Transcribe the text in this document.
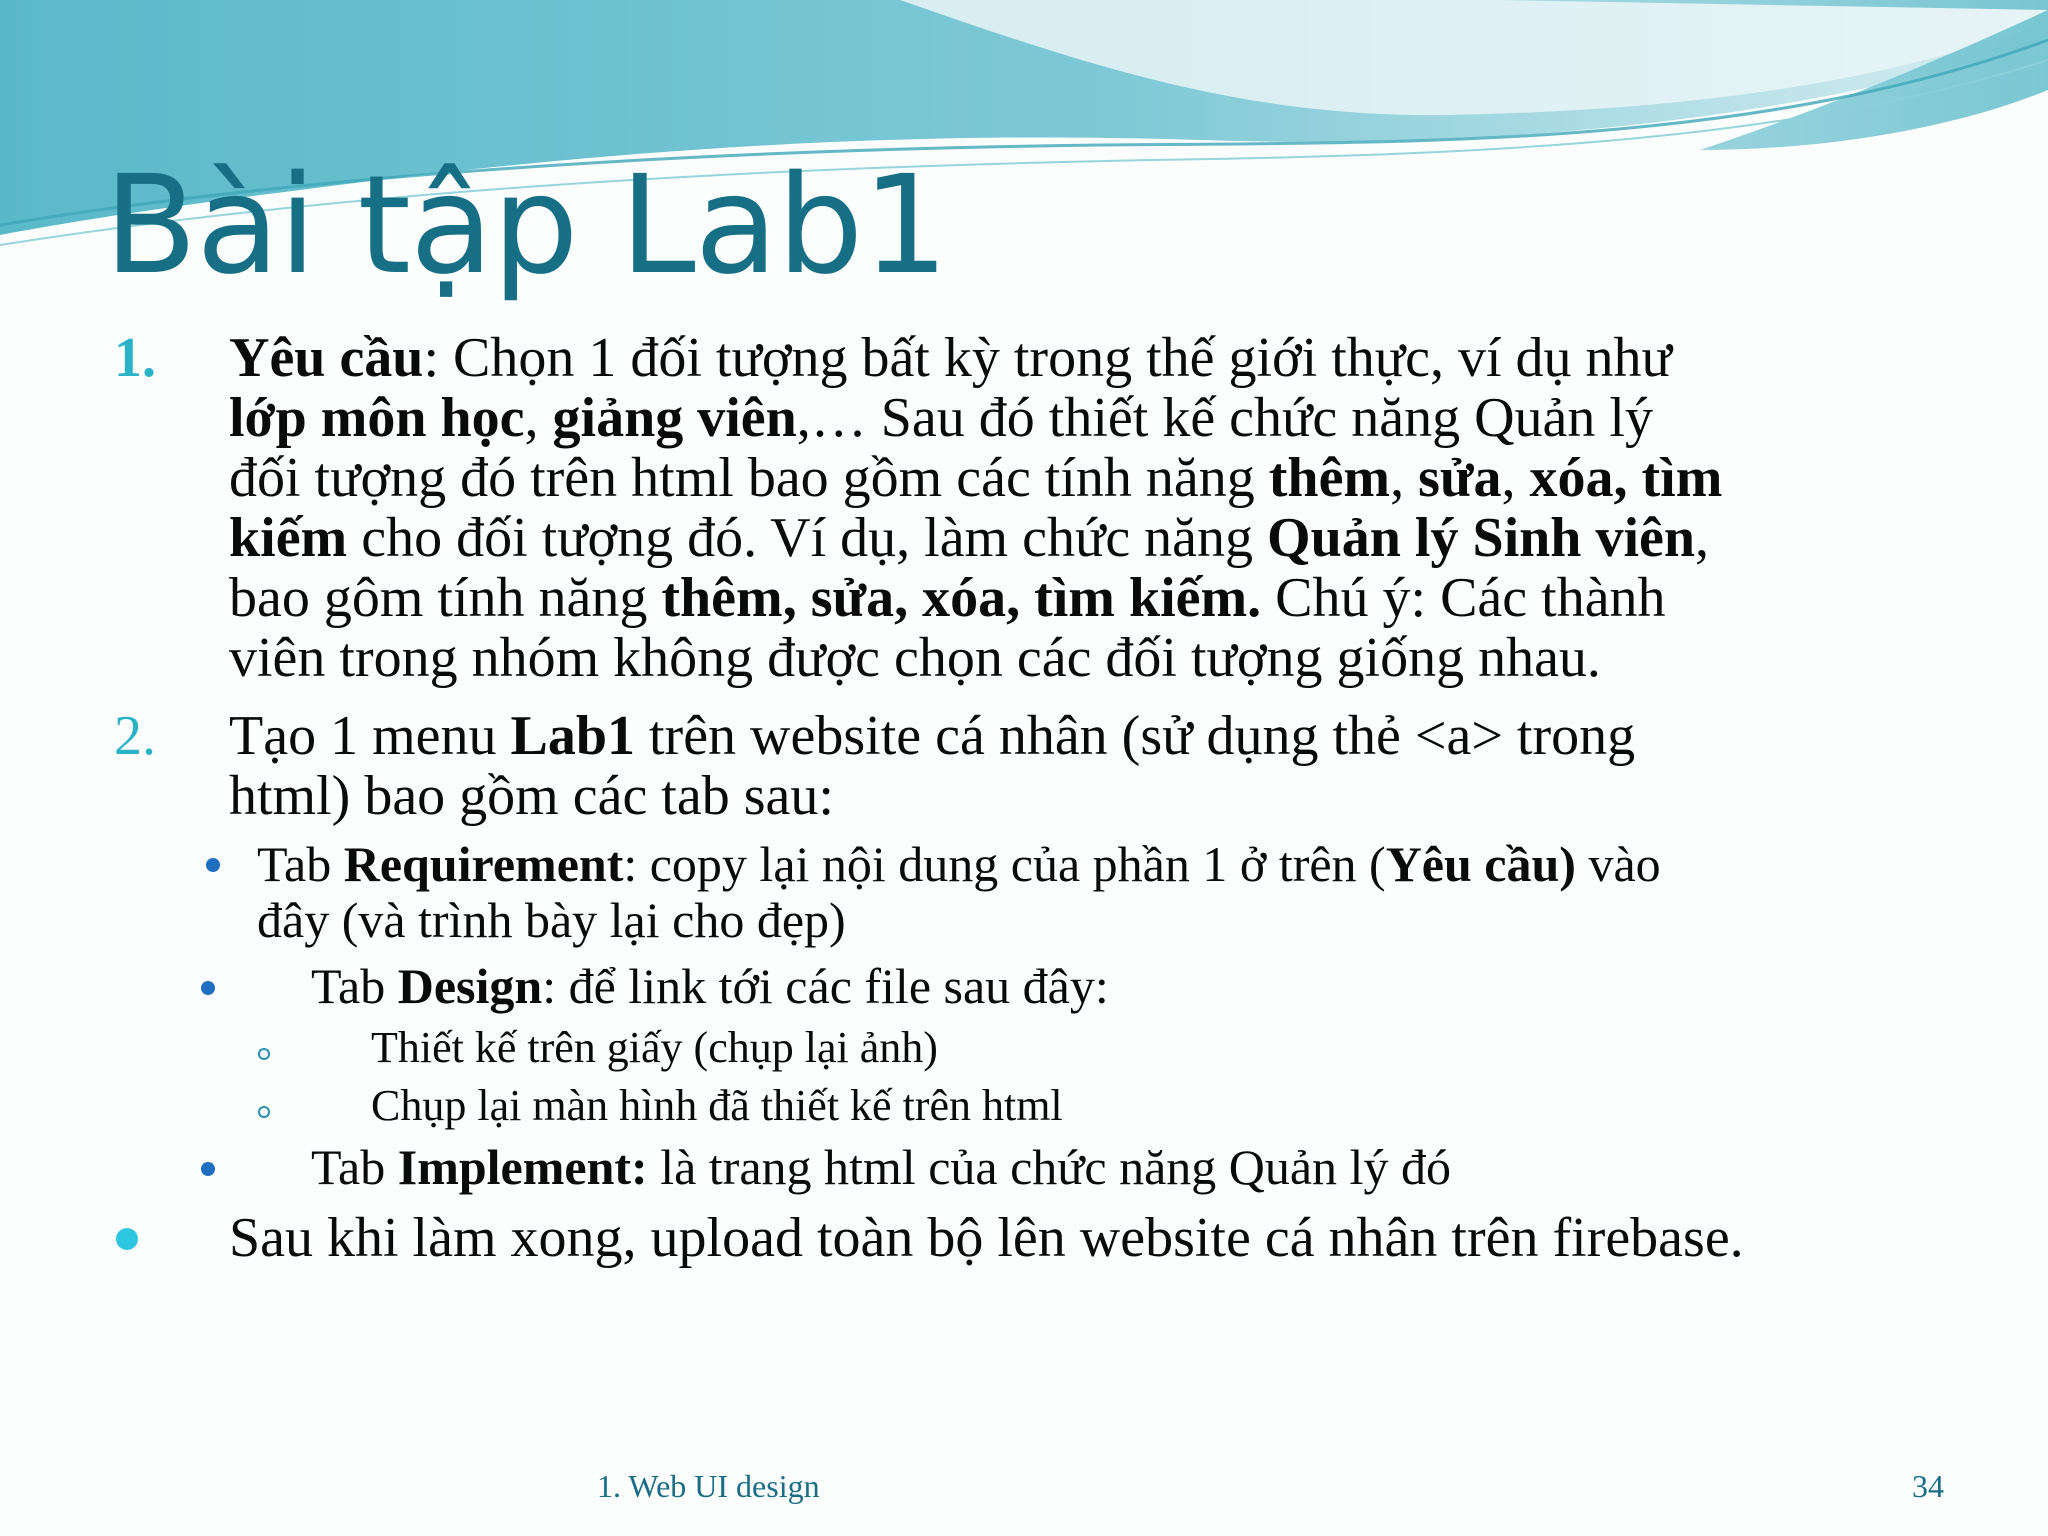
Bài tập Lab1
1. Yêu cầu: Chọn 1 đối tượng bất kỳ trong thế giới thực, ví dụ như
lớp môn học, giảng viên,… Sau đó thiết kế chức năng Quản lý
đối tượng đó trên html bao gồm các tính năng thêm, sửa, xóa, tìm
kiếm cho đối tượng đó. Ví dụ, làm chức năng Quản lý Sinh viên,
bao gôm tính năng thêm, sửa, xóa, tìm kiếm. Chú ý: Các thành
viên trong nhóm không được chọn các đối tượng giống nhau.
2. Tạo 1 menu Lab1 trên website cá nhân (sử dụng thẻ <a> trong
html) bao gồm các tab sau:
Tab Requirement: copy lại nội dung của phần 1 ở trên (Yêu cầu) vào
đây (và trình bày lại cho đẹp)
Tab Design: để link tới các file sau đây:
Thiết kế trên giấy (chụp lại ảnh)
Chụp lại màn hình đã thiết kế trên html
Tab Implement: là trang html của chức năng Quản lý đó
Sau khi làm xong, upload toàn bộ lên website cá nhân trên firebase.
1. Web UI design	34
